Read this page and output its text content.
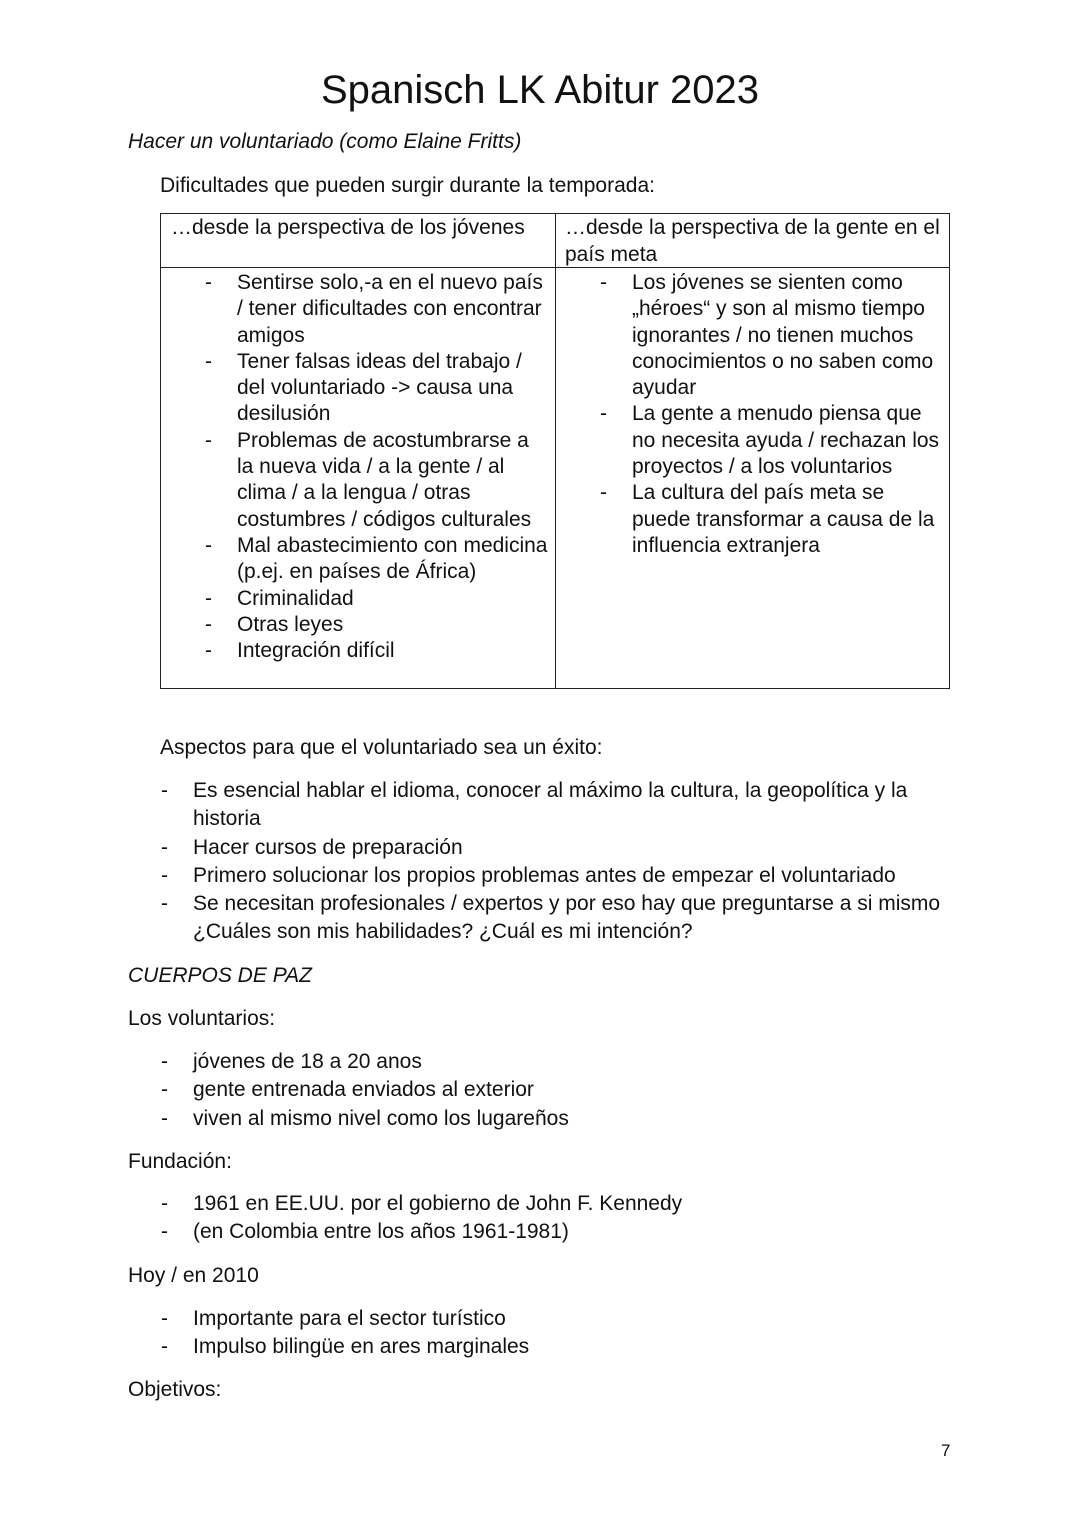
Spanisch LK Abitur 2023
Hacer un voluntariado (como Elaine Fritts)
Dificultades que pueden surgir durante la temporada:
…desde la perspectiva de los jóvenes	…desde la perspectiva de la gente en el país meta
- Sentirse solo,-a en el nuevo país / tener dificultades con encontrar amigos
- Tener falsas ideas del trabajo / del voluntariado -> causa una desilusión
- Problemas de acostumbrarse a la nueva vida / a la gente / al clima / a la lengua / otras costumbres / códigos culturales
- Mal abastecimiento con medicina (p.ej. en países de África)
- Criminalidad
- Otras leyes
- Integración difícil
- Los jóvenes se sienten como „héroes“ y son al mismo tiempo ignorantes / no tienen muchos conocimientos o no saben como ayudar
- La gente a menudo piensa que no necesita ayuda / rechazan los proyectos / a los voluntarios
- La cultura del país meta se puede transformar a causa de la influencia extranjera
Aspectos para que el voluntariado sea un éxito:
- Es esencial hablar el idioma, conocer al máximo la cultura, la geopolítica y la historia
- Hacer cursos de preparación
- Primero solucionar los propios problemas antes de empezar el voluntariado
- Se necesitan profesionales / expertos y por eso hay que preguntarse a si mismo ¿Cuáles son mis habilidades? ¿Cuál es mi intención?
CUERPOS DE PAZ
Los voluntarios:
- jóvenes de 18 a 20 anos
- gente entrenada enviados al exterior
- viven al mismo nivel como los lugareños
Fundación:
- 1961 en EE.UU. por el gobierno de John F. Kennedy
- (en Colombia entre los años 1961-1981)
Hoy / en 2010
- Importante para el sector turístico
- Impulso bilingüe en ares marginales
Objetivos:
7
